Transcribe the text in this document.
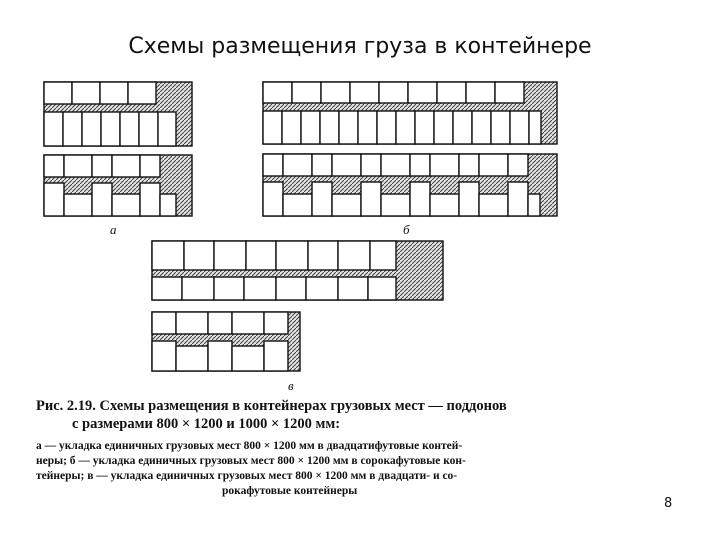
Схемы размещения груза в контейнере
а	б
в
Рис. 2.19. Схемы размещения в контейнерах грузовых мест — поддонов
с размерами 800 × 1200 и 1000 × 1200 мм:
а — укладка единичных грузовых мест 800 × 1200 мм в двадцатифутовые контей-
неры; б — укладка единичных грузовых мест 800 × 1200 мм в сорокафутовые кон-
тейнеры; в — укладка единичных грузовых мест 800 × 1200 мм в двадцати- и со-
рокафутовые контейнеры
8
